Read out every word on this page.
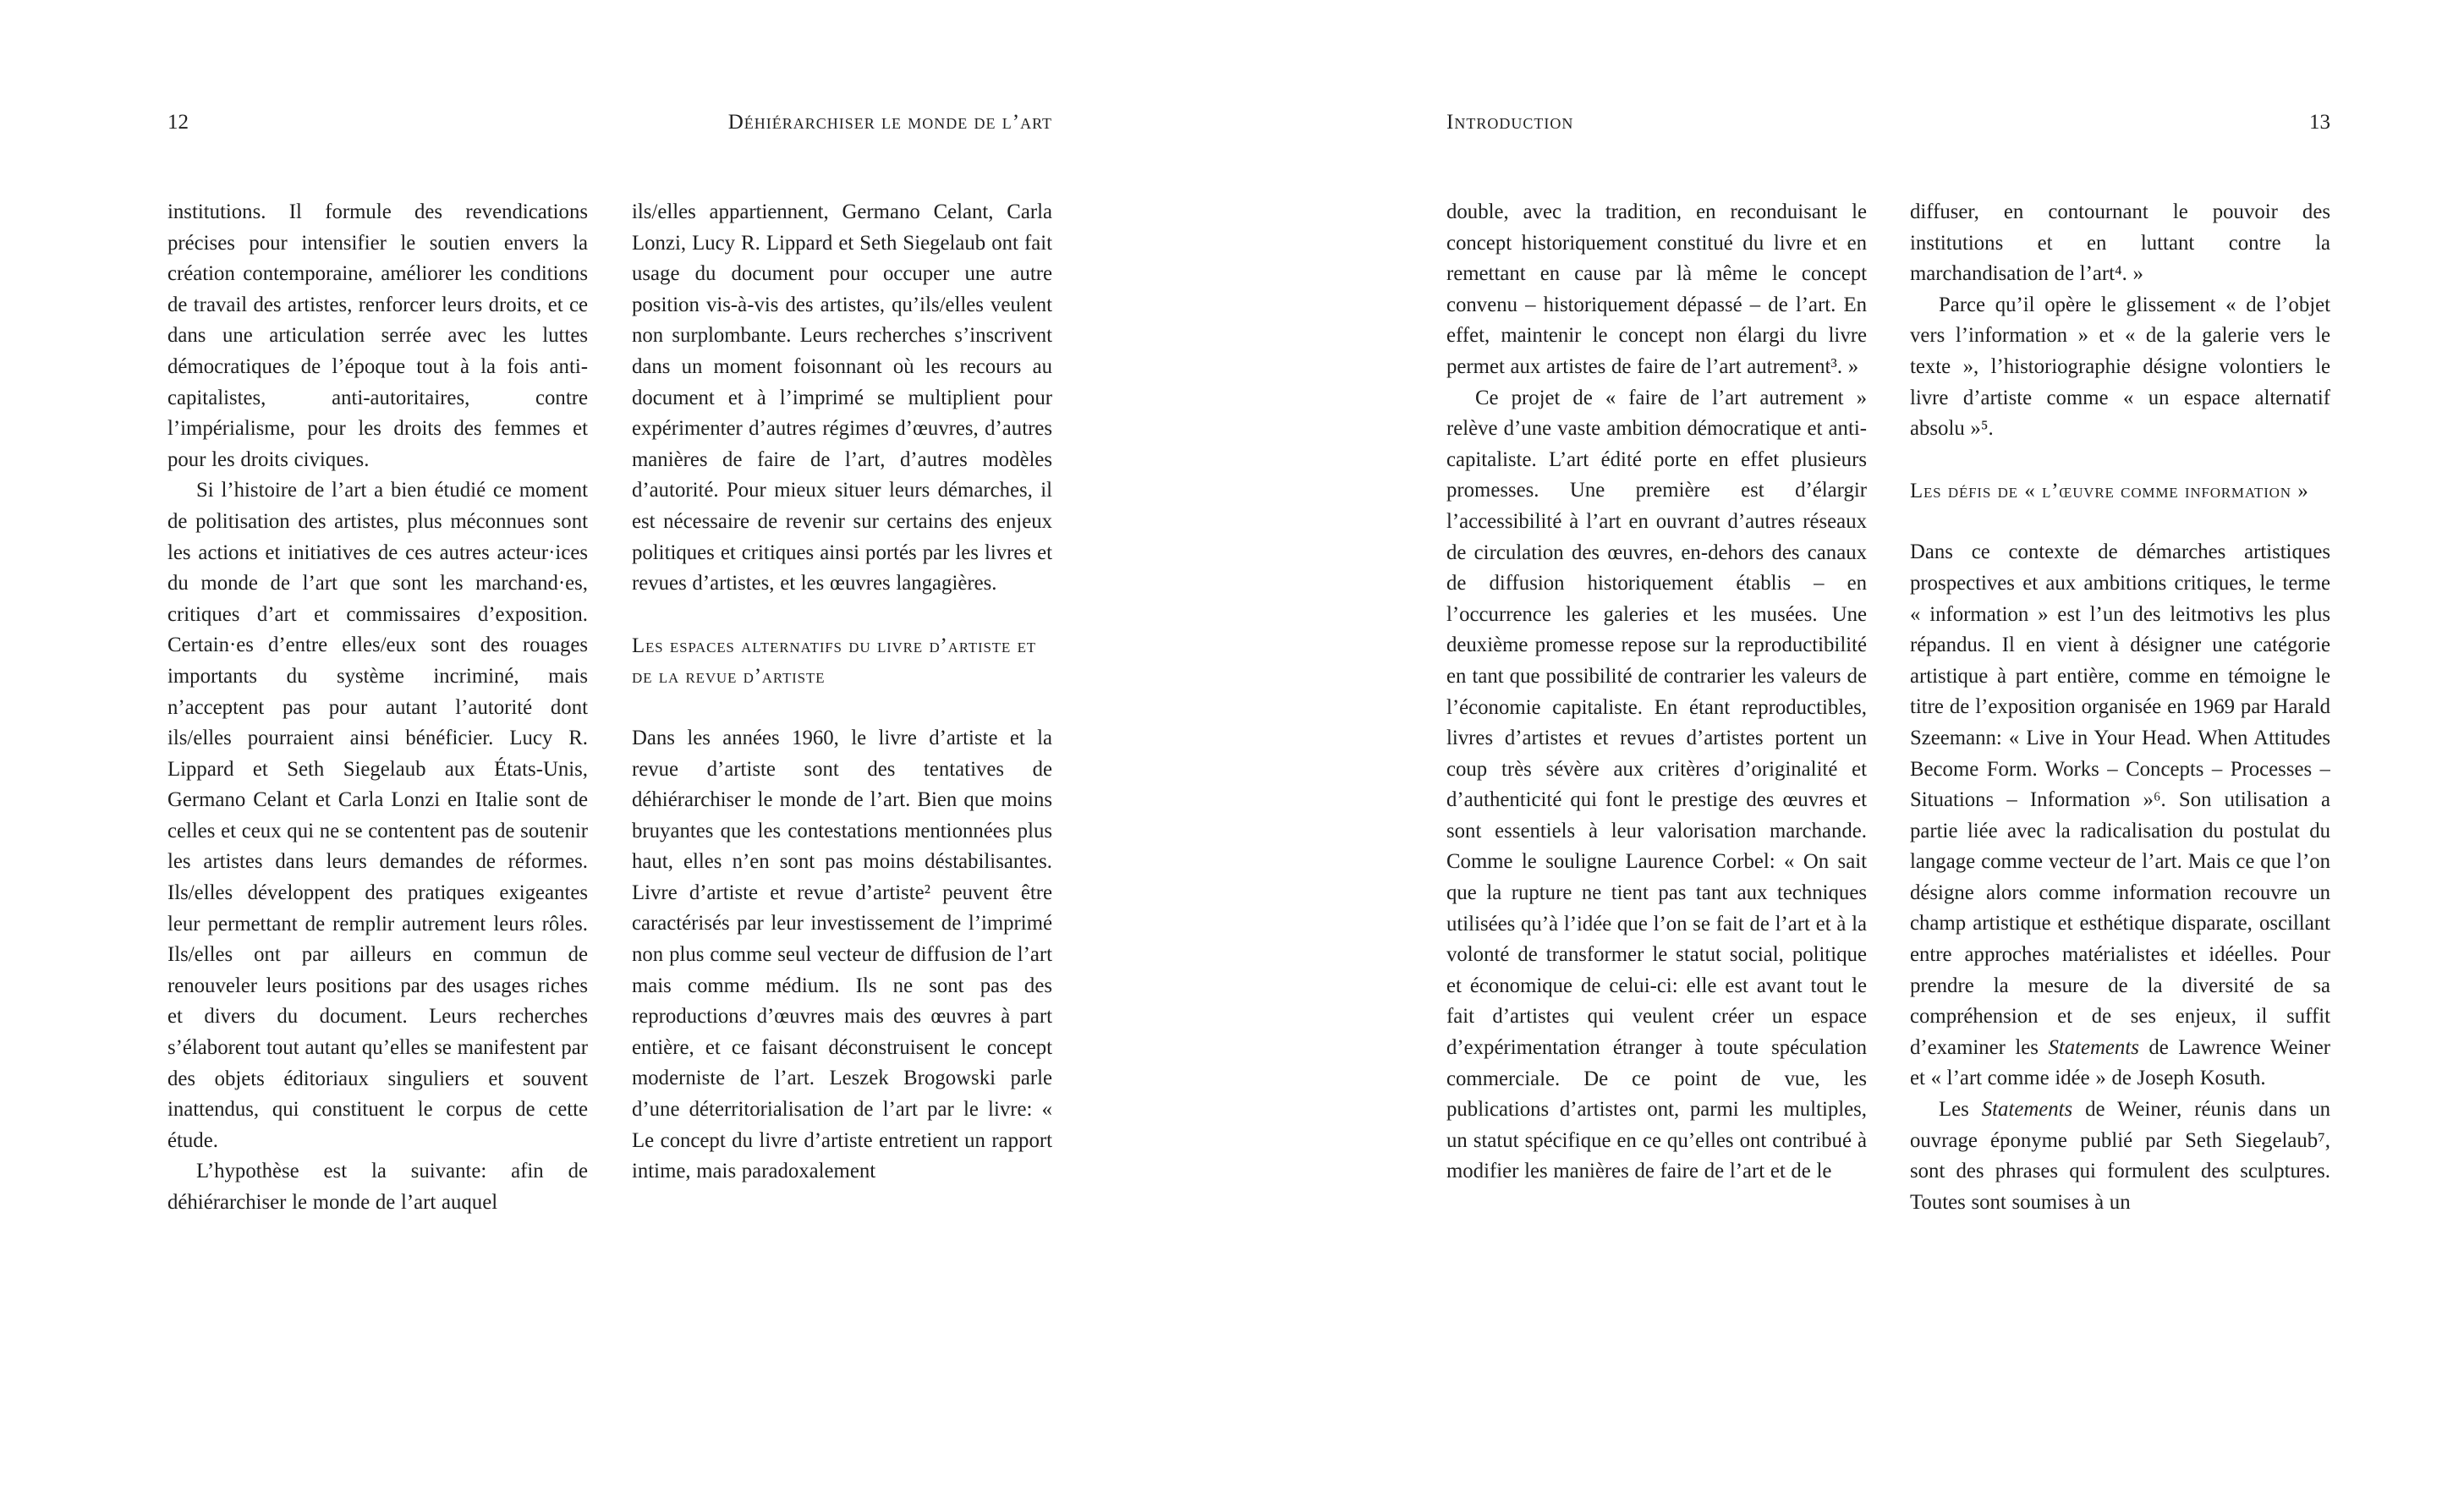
12	Déhiérarchiser le monde de l’art

institutions. Il formule des revendications précises pour intensifier le soutien envers la création contemporaine, améliorer les conditions de travail des artistes, renforcer leurs droits, et ce dans une articulation serrée avec les luttes démocratiques de l’époque tout à la fois anti-capitalistes, anti-autoritaires, contre l’impérialisme, pour les droits des femmes et pour les droits civiques.

Si l’histoire de l’art a bien étudié ce moment de politisation des artistes, plus méconnues sont les actions et initiatives de ces autres acteur·ices du monde de l’art que sont les marchand·es, critiques d’art et commissaires d’exposition. Certain·es d’entre elles/eux sont des rouages importants du système incriminé, mais n’acceptent pas pour autant l’autorité dont ils/elles pourraient ainsi bénéficier. Lucy R. Lippard et Seth Siegelaub aux États-Unis, Germano Celant et Carla Lonzi en Italie sont de celles et ceux qui ne se contentent pas de soutenir les artistes dans leurs demandes de réformes. Ils/elles développent des pratiques exigeantes leur permettant de remplir autrement leurs rôles. Ils/elles ont par ailleurs en commun de renouveler leurs positions par des usages riches et divers du document. Leurs recherches s’élaborent tout autant qu’elles se manifestent par des objets éditoriaux singuliers et souvent inattendus, qui constituent le corpus de cette étude.

L’hypothèse est la suivante: afin de déhiérarchiser le monde de l’art auquel

ils/elles appartiennent, Germano Celant, Carla Lonzi, Lucy R. Lippard et Seth Siegelaub ont fait usage du document pour occuper une autre position vis-à-vis des artistes, qu’ils/elles veulent non surplombante. Leurs recherches s’inscrivent dans un moment foisonnant où les recours au document et à l’imprimé se multiplient pour expérimenter d’autres régimes d’œuvres, d’autres manières de faire de l’art, d’autres modèles d’autorité. Pour mieux situer leurs démarches, il est nécessaire de revenir sur certains des enjeux politiques et critiques ainsi portés par les livres et revues d’artistes, et les œuvres langagières.

Les espaces alternatifs du livre d’artiste et de la revue d’artiste

Dans les années 1960, le livre d’artiste et la revue d’artiste sont des tentatives de déhiérarchiser le monde de l’art. Bien que moins bruyantes que les contestations mentionnées plus haut, elles n’en sont pas moins déstabilisantes. Livre d’artiste et revue d’artiste² peuvent être caractérisés par leur investissement de l’imprimé non plus comme seul vecteur de diffusion de l’art mais comme médium. Ils ne sont pas des reproductions d’œuvres mais des œuvres à part entière, et ce faisant déconstruisent le concept moderniste de l’art. Leszek Brogowski parle d’une déterritorialisation de l’art par le livre: « Le concept du livre d’artiste entretient un rapport intime, mais paradoxalement

Introduction	13

double, avec la tradition, en reconduisant le concept historiquement constitué du livre et en remettant en cause par là même le concept convenu – historiquement dépassé – de l’art. En effet, maintenir le concept non élargi du livre permet aux artistes de faire de l’art autrement³. »

Ce projet de « faire de l’art autrement » relève d’une vaste ambition démocratique et anti-capitaliste. L’art édité porte en effet plusieurs promesses. Une première est d’élargir l’accessibilité à l’art en ouvrant d’autres réseaux de circulation des œuvres, en-dehors des canaux de diffusion historiquement établis – en l’occurrence les galeries et les musées. Une deuxième promesse repose sur la reproductibilité en tant que possibilité de contrarier les valeurs de l’économie capitaliste. En étant reproductibles, livres d’artistes et revues d’artistes portent un coup très sévère aux critères d’originalité et d’authenticité qui font le prestige des œuvres et sont essentiels à leur valorisation marchande. Comme le souligne Laurence Corbel: « On sait que la rupture ne tient pas tant aux techniques utilisées qu’à l’idée que l’on se fait de l’art et à la volonté de transformer le statut social, politique et économique de celui-ci: elle est avant tout le fait d’artistes qui veulent créer un espace d’expérimentation étranger à toute spéculation commerciale. De ce point de vue, les publications d’artistes ont, parmi les multiples, un statut spécifique en ce qu’elles ont contribué à modifier les manières de faire de l’art et de le

diffuser, en contournant le pouvoir des institutions et en luttant contre la marchandisation de l’art⁴. »

Parce qu’il opère le glissement « de l’objet vers l’information » et « de la galerie vers le texte », l’historiographie désigne volontiers le livre d’artiste comme « un espace alternatif absolu »⁵.

Les défis de « l’œuvre comme information »

Dans ce contexte de démarches artistiques prospectives et aux ambitions critiques, le terme « information » est l’un des leitmotivs les plus répandus. Il en vient à désigner une catégorie artistique à part entière, comme en témoigne le titre de l’exposition organisée en 1969 par Harald Szeemann: « Live in Your Head. When Attitudes Become Form. Works – Concepts – Processes – Situations – Information »⁶. Son utilisation a partie liée avec la radicalisation du postulat du langage comme vecteur de l’art. Mais ce que l’on désigne alors comme information recouvre un champ artistique et esthétique disparate, oscillant entre approches matérialistes et idéelles. Pour prendre la mesure de la diversité de sa compréhension et de ses enjeux, il suffit d’examiner les Statements de Lawrence Weiner et « l’art comme idée » de Joseph Kosuth.

Les Statements de Weiner, réunis dans un ouvrage éponyme publié par Seth Siegelaub⁷, sont des phrases qui formulent des sculptures. Toutes sont soumises à un
